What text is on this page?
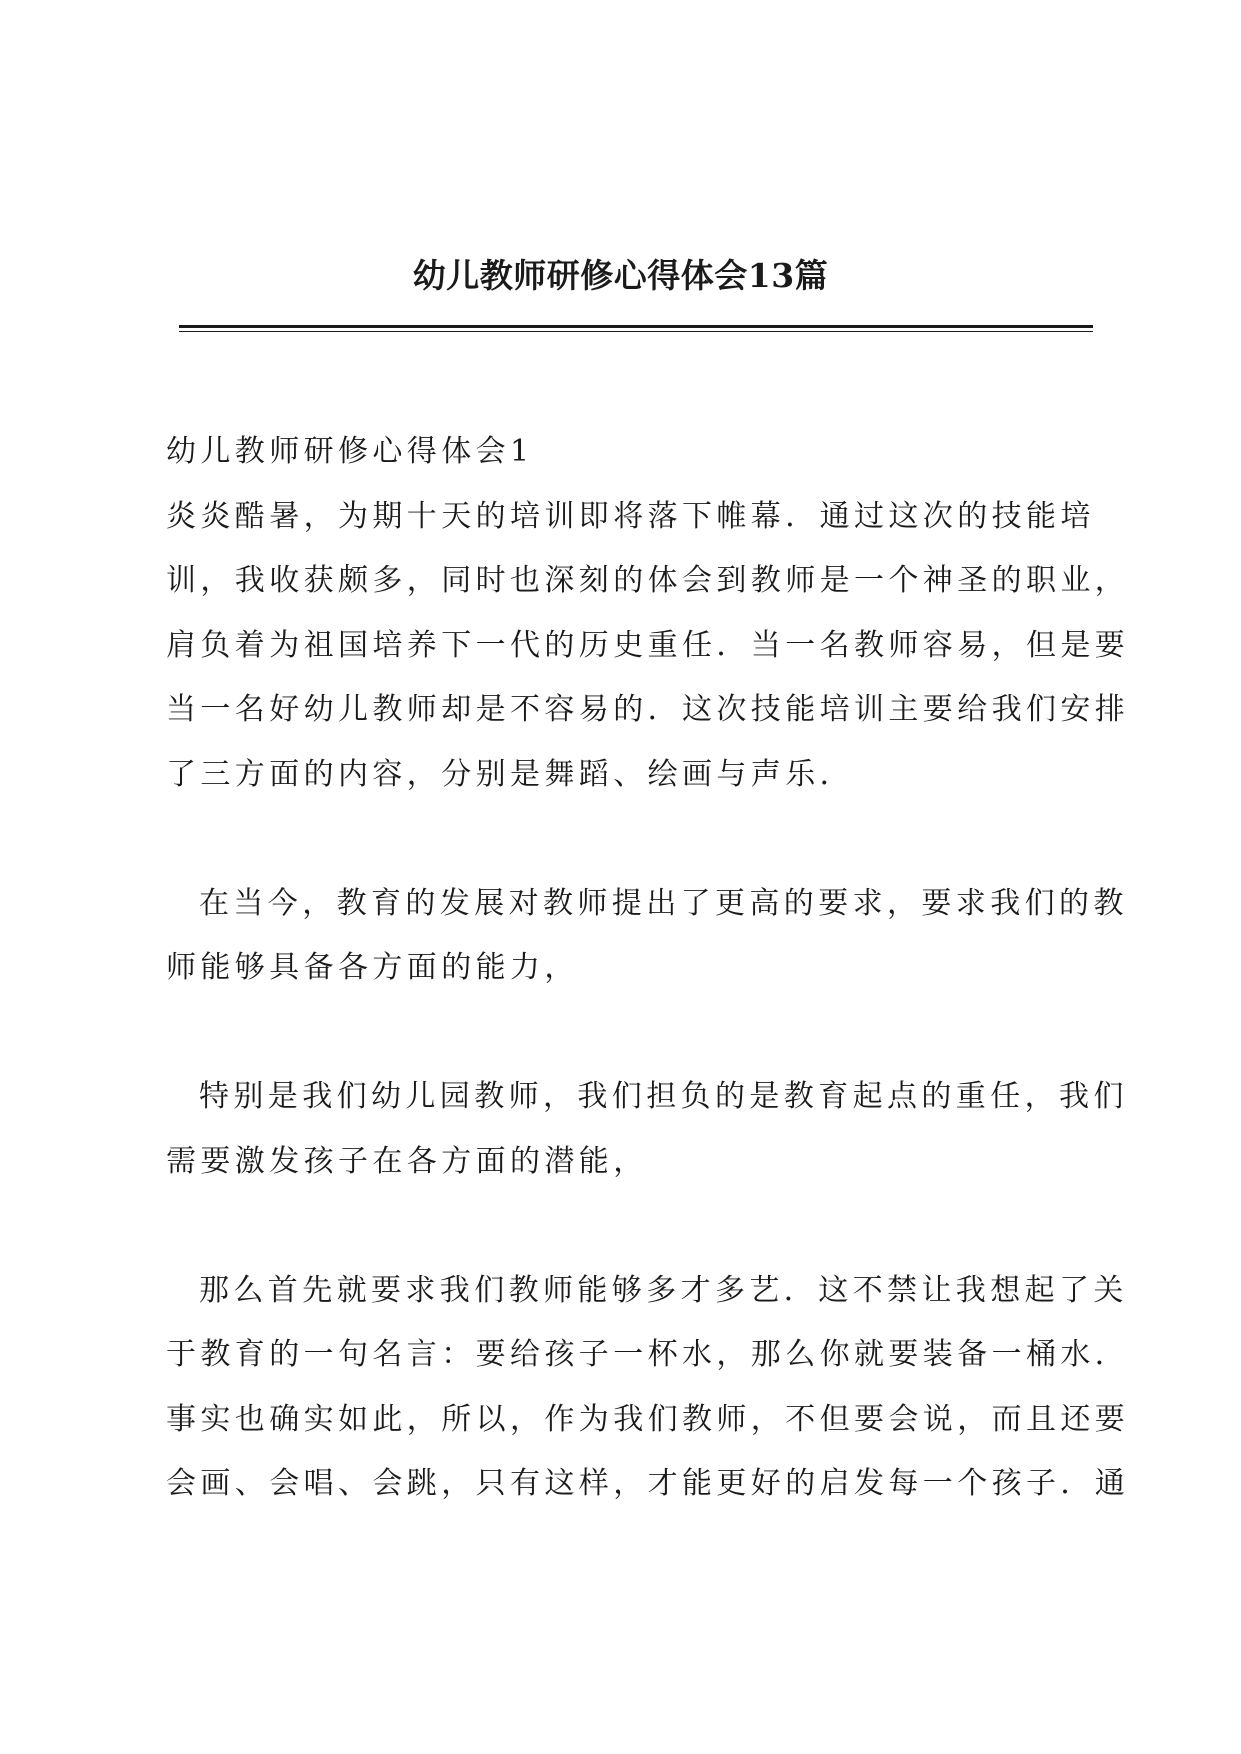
幼儿教师研修心得体会13篇
幼儿教师研修心得体会1
炎炎酷暑，为期十天的培训即将落下帷幕．通过这次的技能培
训，我收获颇多，同时也深刻的体会到教师是一个神圣的职业，
肩负着为祖国培养下一代的历史重任．当一名教师容易，但是要
当一名好幼儿教师却是不容易的．这次技能培训主要给我们安排
了三方面的内容，分别是舞蹈、绘画与声乐．
在当今，教育的发展对教师提出了更高的要求，要求我们的教
师能够具备各方面的能力，
特别是我们幼儿园教师，我们担负的是教育起点的重任，我们
需要激发孩子在各方面的潜能，
那么首先就要求我们教师能够多才多艺．这不禁让我想起了关
于教育的一句名言：要给孩子一杯水，那么你就要装备一桶水．
事实也确实如此，所以，作为我们教师，不但要会说，而且还要
会画、会唱、会跳，只有这样，才能更好的启发每一个孩子．通
